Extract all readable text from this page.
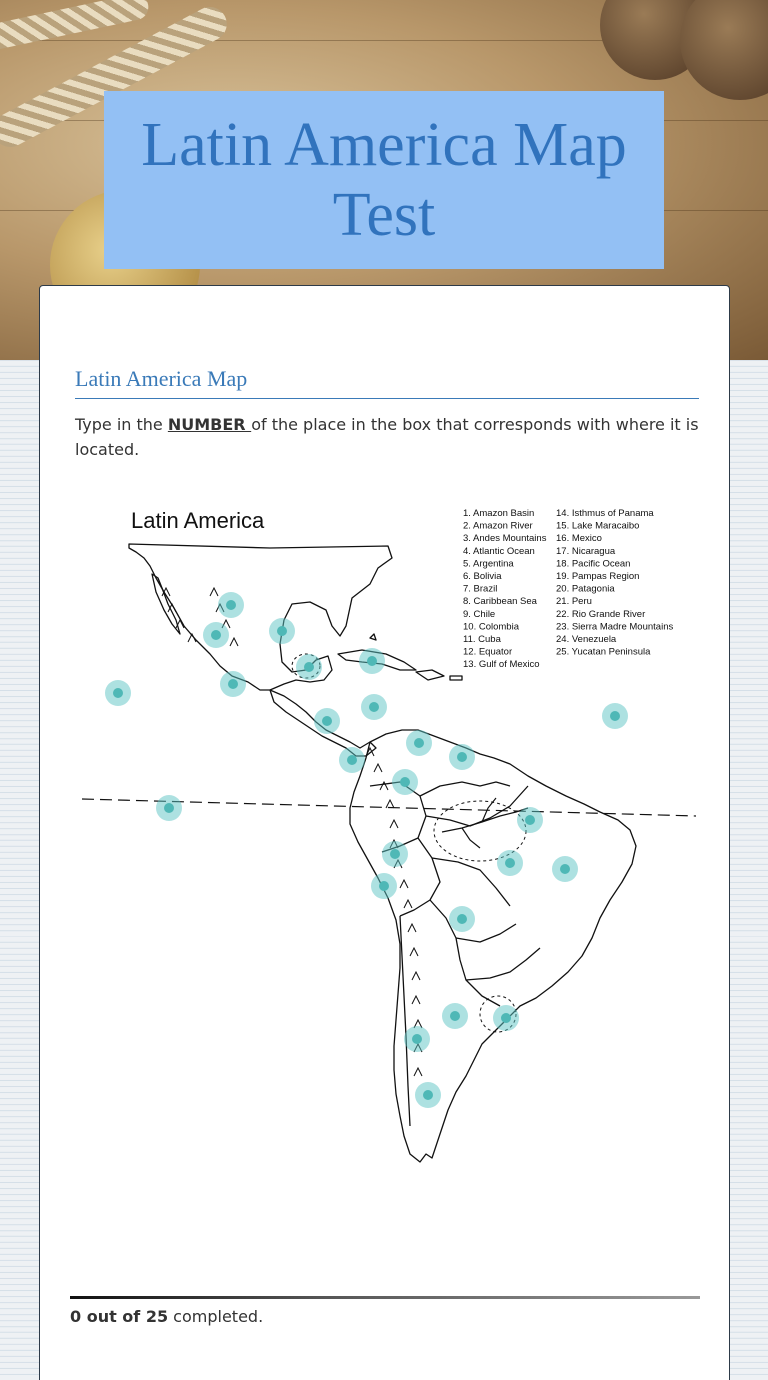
Latin America Map Test
Latin America Map
Type in the NUMBER of the place in the box that corresponds with where it is located.
Latin America	1. Amazon Basin
2. Amazon River
3. Andes Mountains
4. Atlantic Ocean
5. Argentina
6. Bolivia
7. Brazil
8. Caribbean Sea
9. Chile
10. Colombia
11. Cuba
12. Equator
13. Gulf of Mexico
14. Isthmus of Panama
15. Lake Maracaibo
16. Mexico
17. Nicaragua
18. Pacific Ocean
19. Pampas Region
20. Patagonia
21. Peru
22. Rio Grande River
23. Sierra Madre Mountains
24. Venezuela
25. Yucatan Peninsula
0 out of 25 completed.
